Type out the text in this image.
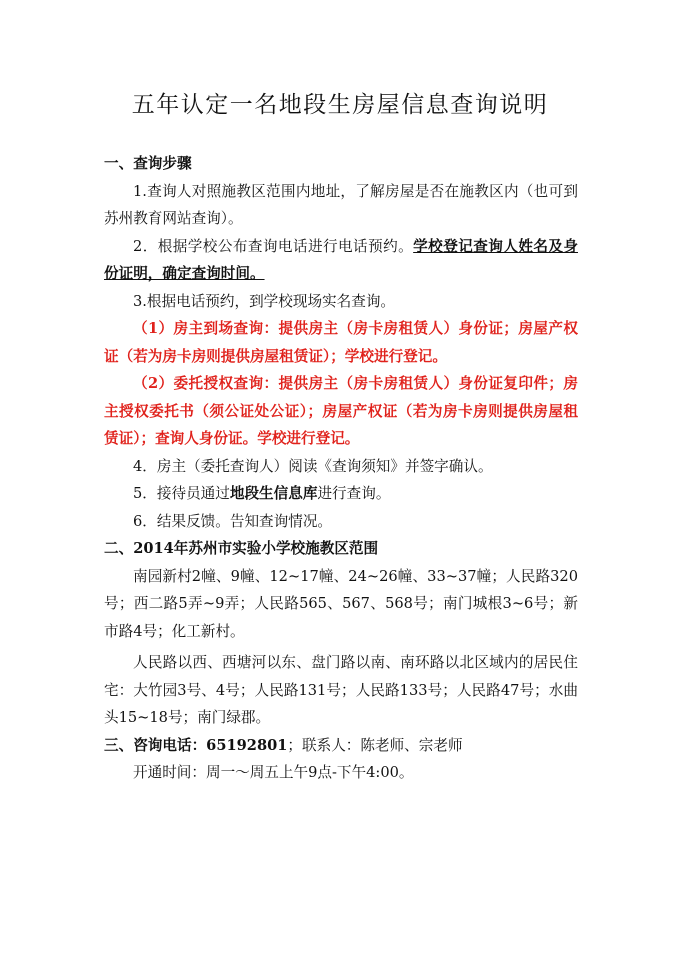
五年认定一名地段生房屋信息查询说明

一、查询步骤

1.查询人对照施教区范围内地址，了解房屋是否在施教区内（也可到苏州教育网站查询）。

2．根据学校公布查询电话进行电话预约。学校登记查询人姓名及身份证明，确定查询时间。

3.根据电话预约，到学校现场实名查询。

（1）房主到场查询：提供房主（房卡房租赁人）身份证；房屋产权证（若为房卡房则提供房屋租赁证）；学校进行登记。

（2）委托授权查询：提供房主（房卡房租赁人）身份证复印件；房主授权委托书（须公证处公证）；房屋产权证（若为房卡房则提供房屋租赁证）；查询人身份证。学校进行登记。

4．房主（委托查询人）阅读《查询须知》并签字确认。

5．接待员通过地段生信息库进行查询。

6．结果反馈。告知查询情况。

二、2014年苏州市实验小学校施教区范围

南园新村2幢、9幢、12~17幢、24~26幢、33~37幢；人民路320号；西二路5弄~9弄；人民路565、567、568号；南门城根3~6号；新市路4号；化工新村。

人民路以西、西塘河以东、盘门路以南、南环路以北区域内的居民住宅：大竹园3号、4号；人民路131号；人民路133号；人民路47号；水曲头15~18号；南门绿郡。

三、咨询电话：65192801；联系人：陈老师、宗老师

开通时间：周一～周五上午9点-下午4:00。
